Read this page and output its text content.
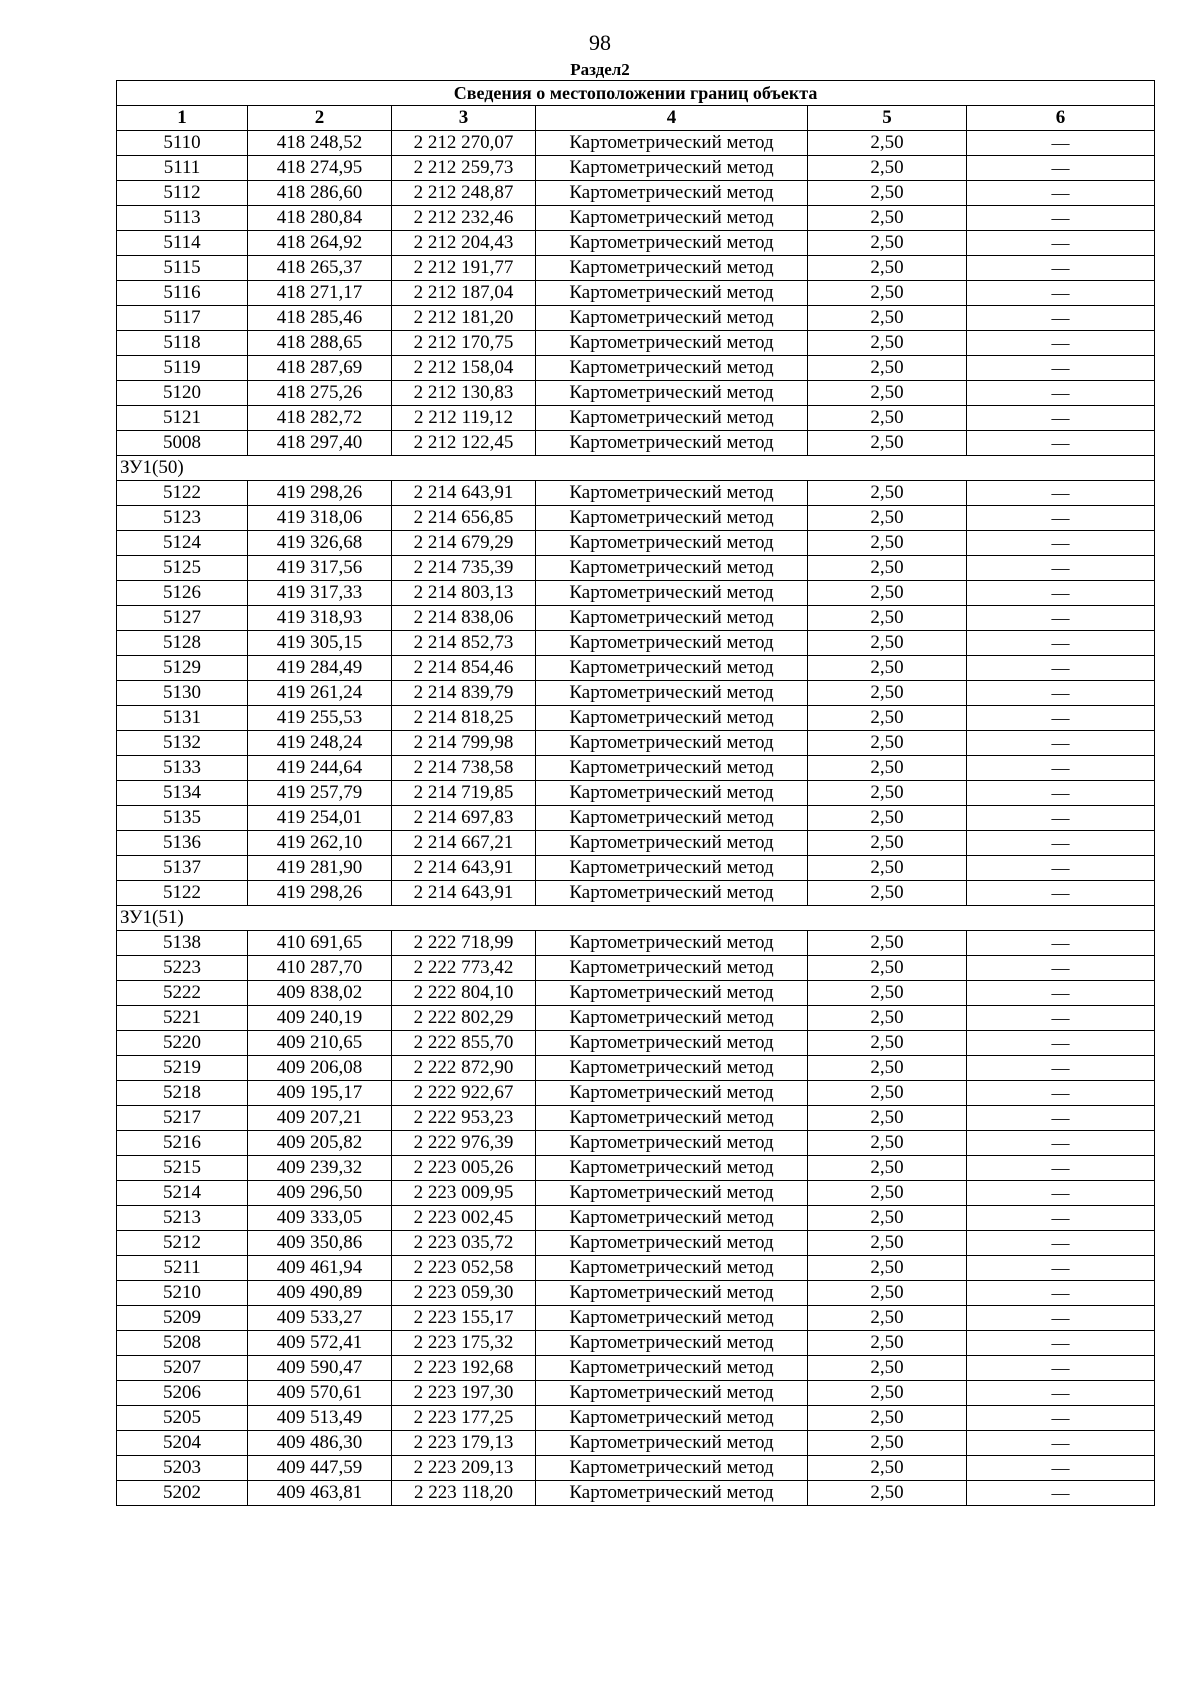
98
Раздел2
Сведения о местоположении границ объекта					
1	2	3	4	5	6
5110	418 248,52	2 212 270,07	Картометрический метод	2,50	—
5111	418 274,95	2 212 259,73	Картометрический метод	2,50	—
5112	418 286,60	2 212 248,87	Картометрический метод	2,50	—
5113	418 280,84	2 212 232,46	Картометрический метод	2,50	—
5114	418 264,92	2 212 204,43	Картометрический метод	2,50	—
5115	418 265,37	2 212 191,77	Картометрический метод	2,50	—
5116	418 271,17	2 212 187,04	Картометрический метод	2,50	—
5117	418 285,46	2 212 181,20	Картометрический метод	2,50	—
5118	418 288,65	2 212 170,75	Картометрический метод	2,50	—
5119	418 287,69	2 212 158,04	Картометрический метод	2,50	—
5120	418 275,26	2 212 130,83	Картометрический метод	2,50	—
5121	418 282,72	2 212 119,12	Картометрический метод	2,50	—
5008	418 297,40	2 212 122,45	Картометрический метод	2,50	—
ЗУ1(50)					
5122	419 298,26	2 214 643,91	Картометрический метод	2,50	—
5123	419 318,06	2 214 656,85	Картометрический метод	2,50	—
5124	419 326,68	2 214 679,29	Картометрический метод	2,50	—
5125	419 317,56	2 214 735,39	Картометрический метод	2,50	—
5126	419 317,33	2 214 803,13	Картометрический метод	2,50	—
5127	419 318,93	2 214 838,06	Картометрический метод	2,50	—
5128	419 305,15	2 214 852,73	Картометрический метод	2,50	—
5129	419 284,49	2 214 854,46	Картометрический метод	2,50	—
5130	419 261,24	2 214 839,79	Картометрический метод	2,50	—
5131	419 255,53	2 214 818,25	Картометрический метод	2,50	—
5132	419 248,24	2 214 799,98	Картометрический метод	2,50	—
5133	419 244,64	2 214 738,58	Картометрический метод	2,50	—
5134	419 257,79	2 214 719,85	Картометрический метод	2,50	—
5135	419 254,01	2 214 697,83	Картометрический метод	2,50	—
5136	419 262,10	2 214 667,21	Картометрический метод	2,50	—
5137	419 281,90	2 214 643,91	Картометрический метод	2,50	—
5122	419 298,26	2 214 643,91	Картометрический метод	2,50	—
ЗУ1(51)					
5138	410 691,65	2 222 718,99	Картометрический метод	2,50	—
5223	410 287,70	2 222 773,42	Картометрический метод	2,50	—
5222	409 838,02	2 222 804,10	Картометрический метод	2,50	—
5221	409 240,19	2 222 802,29	Картометрический метод	2,50	—
5220	409 210,65	2 222 855,70	Картометрический метод	2,50	—
5219	409 206,08	2 222 872,90	Картометрический метод	2,50	—
5218	409 195,17	2 222 922,67	Картометрический метод	2,50	—
5217	409 207,21	2 222 953,23	Картометрический метод	2,50	—
5216	409 205,82	2 222 976,39	Картометрический метод	2,50	—
5215	409 239,32	2 223 005,26	Картометрический метод	2,50	—
5214	409 296,50	2 223 009,95	Картометрический метод	2,50	—
5213	409 333,05	2 223 002,45	Картометрический метод	2,50	—
5212	409 350,86	2 223 035,72	Картометрический метод	2,50	—
5211	409 461,94	2 223 052,58	Картометрический метод	2,50	—
5210	409 490,89	2 223 059,30	Картометрический метод	2,50	—
5209	409 533,27	2 223 155,17	Картометрический метод	2,50	—
5208	409 572,41	2 223 175,32	Картометрический метод	2,50	—
5207	409 590,47	2 223 192,68	Картометрический метод	2,50	—
5206	409 570,61	2 223 197,30	Картометрический метод	2,50	—
5205	409 513,49	2 223 177,25	Картометрический метод	2,50	—
5204	409 486,30	2 223 179,13	Картометрический метод	2,50	—
5203	409 447,59	2 223 209,13	Картометрический метод	2,50	—
5202	409 463,81	2 223 118,20	Картометрический метод	2,50	—
